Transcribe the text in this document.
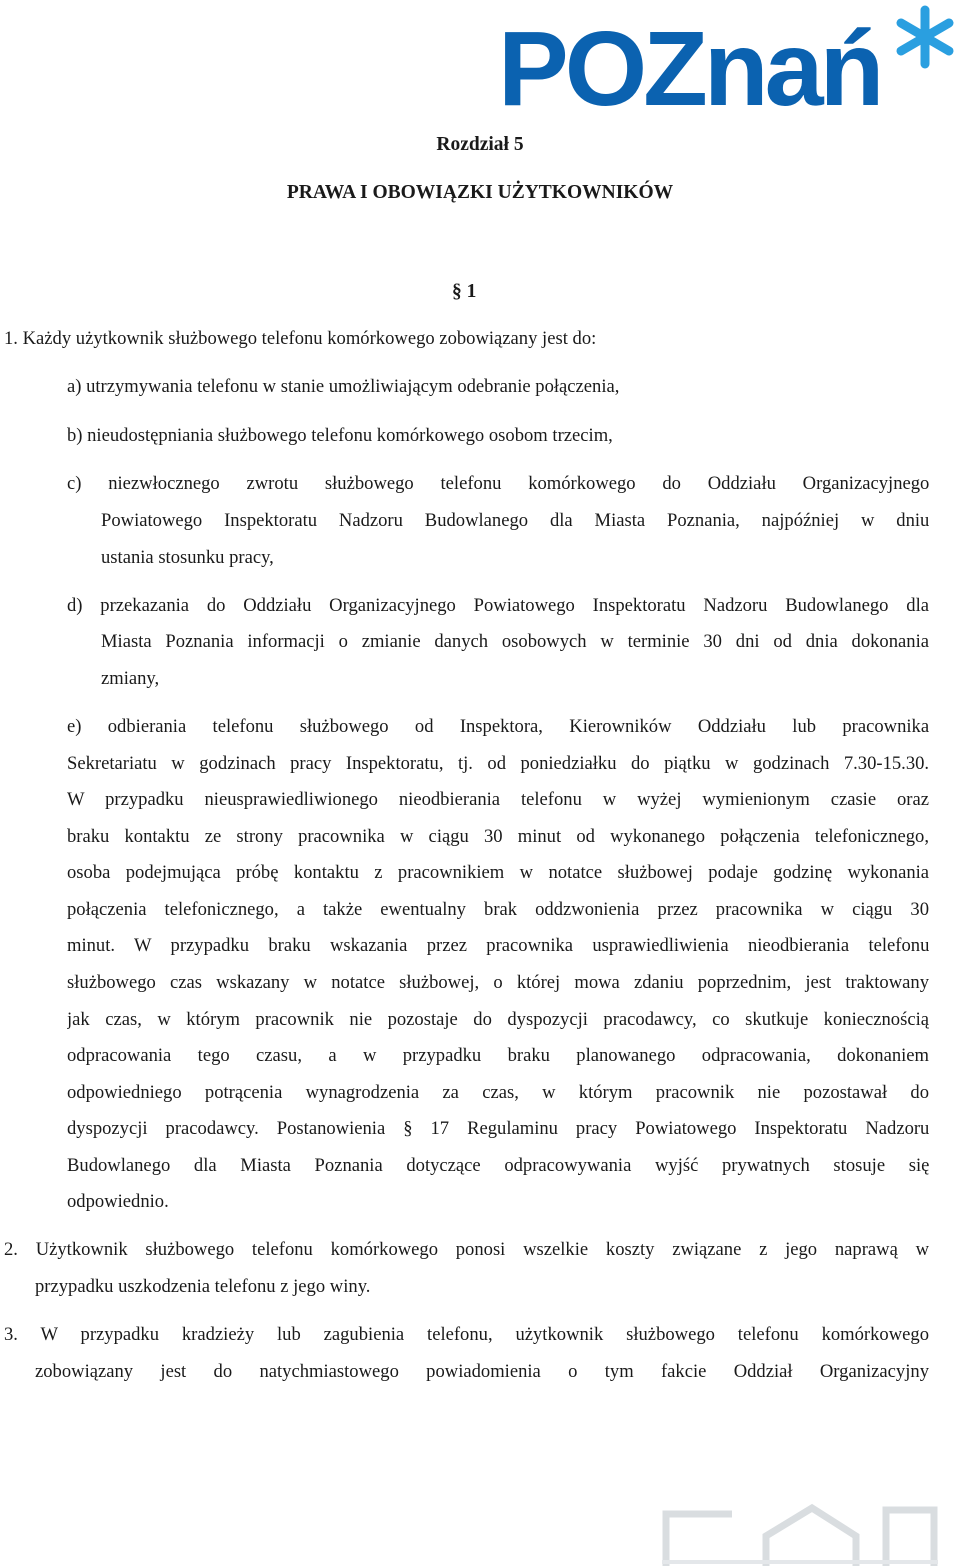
POZnań
Rozdział 5
PRAWA I OBOWIĄZKI UŻYTKOWNIKÓW
§ 1
1. Każdy użytkownik służbowego telefonu komórkowego zobowiązany jest do:
a) utrzymywania telefonu w stanie umożliwiającym odebranie połączenia,
b) nieudostępniania służbowego telefonu komórkowego osobom trzecim,
c) niezwłocznego zwrotu służbowego telefonu komórkowego do Oddziału Organizacyjnego
Powiatowego Inspektoratu Nadzoru Budowlanego dla Miasta Poznania, najpóźniej w dniu
ustania stosunku pracy,
d) przekazania do Oddziału Organizacyjnego Powiatowego Inspektoratu Nadzoru Budowlanego dla
Miasta Poznania informacji o zmianie danych osobowych w terminie 30 dni od dnia dokonania
zmiany,
e) odbierania telefonu służbowego od Inspektora, Kierowników Oddziału lub pracownika
Sekretariatu w godzinach pracy Inspektoratu, tj. od poniedziałku do piątku w godzinach 7.30-15.30.
W przypadku nieusprawiedliwionego nieodbierania telefonu w wyżej wymienionym czasie oraz
braku kontaktu ze strony pracownika w ciągu 30 minut od wykonanego połączenia telefonicznego,
osoba podejmująca próbę kontaktu z pracownikiem w notatce służbowej podaje godzinę wykonania
połączenia telefonicznego, a także ewentualny brak oddzwonienia przez pracownika w ciągu 30
minut. W przypadku braku wskazania przez pracownika usprawiedliwienia nieodbierania telefonu
służbowego czas wskazany w notatce służbowej, o której mowa zdaniu poprzednim, jest traktowany
jak czas, w którym pracownik nie pozostaje do dyspozycji pracodawcy, co skutkuje koniecznością
odpracowania tego czasu, a w przypadku braku planowanego odpracowania, dokonaniem
odpowiedniego potrącenia wynagrodzenia za czas, w którym pracownik nie pozostawał do
dyspozycji pracodawcy. Postanowienia § 17 Regulaminu pracy Powiatowego Inspektoratu Nadzoru
Budowlanego dla Miasta Poznania dotyczące odpracowywania wyjść prywatnych stosuje się
odpowiednio.
2. Użytkownik służbowego telefonu komórkowego ponosi wszelkie koszty związane z jego naprawą w
przypadku uszkodzenia telefonu z jego winy.
3. W przypadku kradzieży lub zagubienia telefonu, użytkownik służbowego telefonu komórkowego
zobowiązany jest do natychmiastowego powiadomienia o tym fakcie Oddział Organizacyjny
